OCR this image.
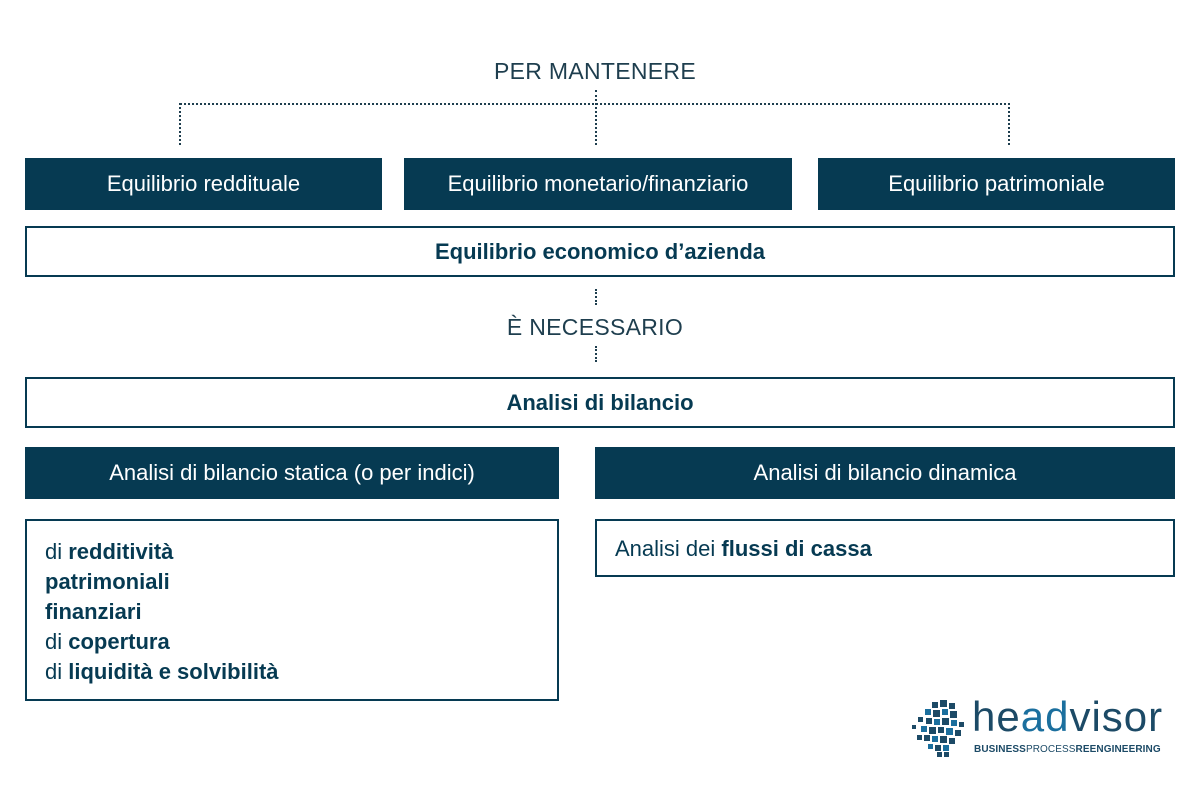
PER MANTENERE
Equilibrio reddituale	Equilibrio monetario/finanziario	Equilibrio patrimoniale
Equilibrio economico d’azienda
È NECESSARIO
Analisi di bilancio
Analisi di bilancio statica (o per indici)
di redditività
patrimoniali
finanziari
di copertura
di liquidità e solvibilità
Analisi di bilancio dinamica
Analisi dei flussi di cassa
headvisor
BUSINESSPROCESSREENGINEERING
